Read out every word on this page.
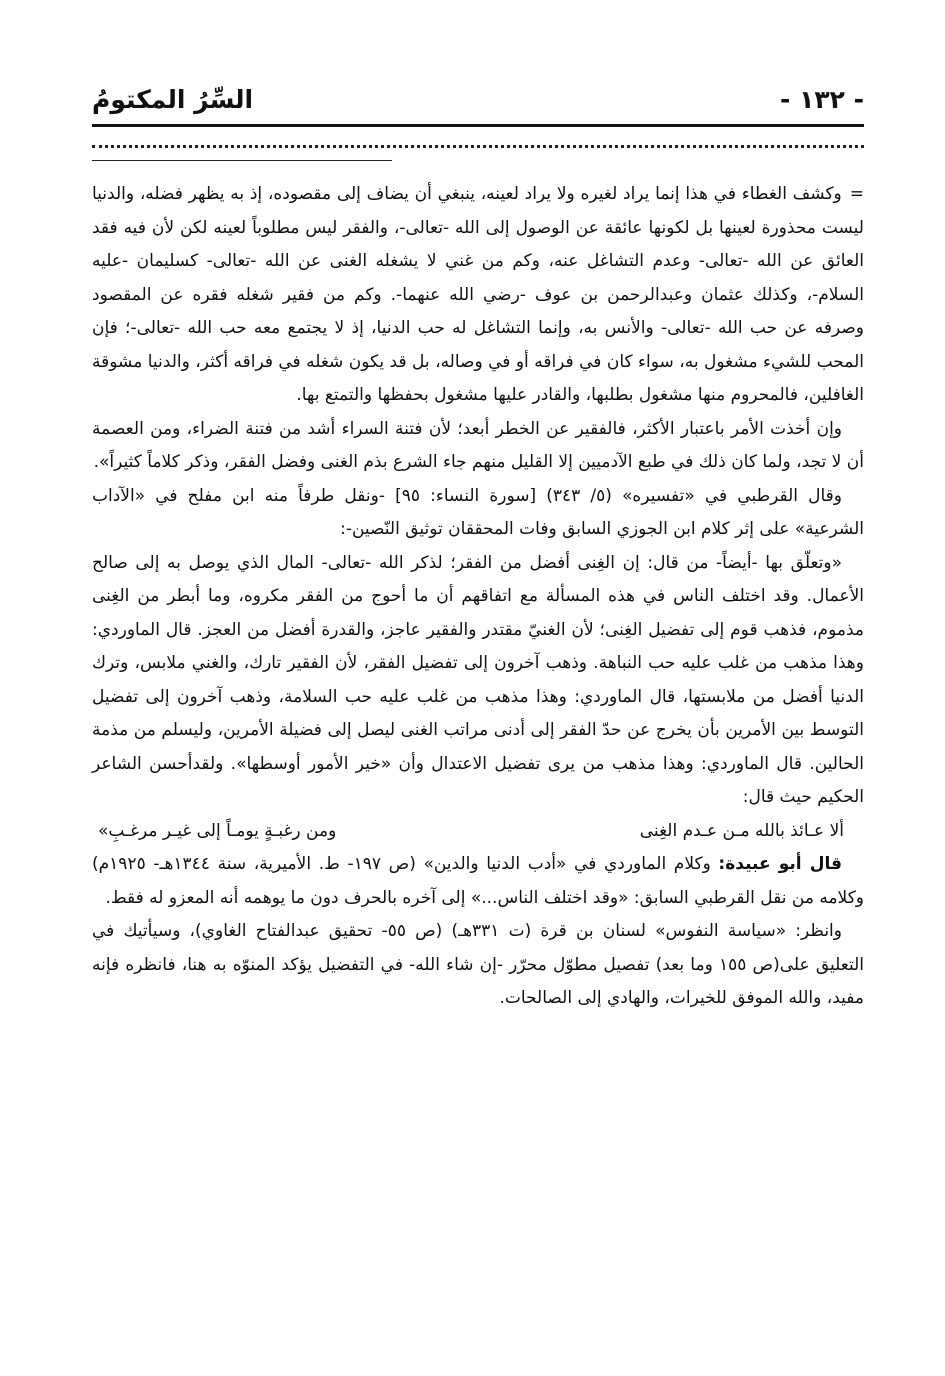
- ١٣٢ -
السِّرُ المكتومُ

=وكشف الغطاء في هذا إنما يراد لغيره ولا يراد لعينه، ينبغي أن يضاف إلى مقصوده، إذ به يظهر فضله، والدنيا ليست محذورة لعينها بل لكونها عائقة عن الوصول إلى الله -تعالى-، والفقر ليس مطلوباً لعينه لكن لأن فيه فقد العائق عن الله -تعالى- وعدم التشاغل عنه، وكم من غني لا يشغله الغنى عن الله -تعالى- كسليمان -عليه السلام-، وكذلك عثمان وعبدالرحمن بن عوف -رضي الله عنهما-. وكم من فقير شغله فقره عن المقصود وصرفه عن حب الله -تعالى- والأنس به، وإنما التشاغل له حب الدنيا، إذ لا يجتمع معه حب الله -تعالى-؛ فإن المحب للشيء مشغول به، سواء كان في فراقه أو في وصاله، بل قد يكون شغله في فراقه أكثر، والدنيا مشوقة الغافلين، فالمحروم منها مشغول بطلبها، والقادر عليها مشغول بحفظها والتمتع بها.

وإن أخذت الأمر باعتبار الأكثر، فالفقير عن الخطر أبعد؛ لأن فتنة السراء أشد من فتنة الضراء، ومن العصمة أن لا تجد، ولما كان ذلك في طبع الآدميين إلا القليل منهم جاء الشرع بذم الغنى وفضل الفقر، وذكر كلاماً كثيراً».

وقال القرطبي في «تفسيره» (٥/ ٣٤٣) [سورة النساء: ٩٥] -ونقل طرفاً منه ابن مفلح في «الآداب الشرعية» على إثر كلام ابن الجوزي السابق وفات المحققان توثيق النّصين-:

«وتعلّق بها -أيضاً- من قال: إن الغِنى أفضل من الفقر؛ لذكر الله -تعالى- المال الذي يوصل به إلى صالح الأعمال. وقد اختلف الناس في هذه المسألة مع اتفاقهم أن ما أحوج من الفقر مكروه، وما أبطر من الغِنى مذموم، فذهب قوم إلى تفضيل الغِنى؛ لأن الغنيّ مقتدر والفقير عاجز، والقدرة أفضل من العجز. قال الماوردي: وهذا مذهب من غلب عليه حب النباهة. وذهب آخرون إلى تفضيل الفقر، لأن الفقير تارك، والغني ملابس، وترك الدنيا أفضل من ملابستها، قال الماوردي: وهذا مذهب من غلب عليه حب السلامة، وذهب آخرون إلى تفضيل التوسط بين الأمرين بأن يخرج عن حدّ الفقر إلى أدنى مراتب الغنى ليصل إلى فضيلة الأمرين، وليسلم من مذمة الحالين. قال الماوردي: وهذا مذهب من يرى تفضيل الاعتدال وأن «خير الأمور أوسطها». ولقدأحسن الشاعر الحكيم حيث قال:

ألا عـائذ بالله مـن عـدم الغِنى
ومن رغبـةٍ يومـاً إلى غيـر مرغـبِ»

قال أبو عبيدة: وكلام الماوردي في «أدب الدنيا والدين» (ص ١٩٧- ط. الأميرية، سنة ١٣٤٤هـ- ١٩٢٥م) وكلامه من نقل القرطبي السابق: «وقد اختلف الناس...» إلى آخره بالحرف دون ما يوهمه أنه المعزو له فقط.

وانظر: «سياسة النفوس» لسنان بن قرة (ت ٣٣١هـ) (ص ٥٥- تحقيق عبدالفتاح الغاوي)، وسيأتيك في التعليق على(ص ١٥٥ وما بعد) تفصيل مطوّل محرّر -إن شاء الله- في التفضيل يؤكد المنوّه به هنا، فانظره فإنه مفيد، والله الموفق للخيرات، والهادي إلى الصالحات.
